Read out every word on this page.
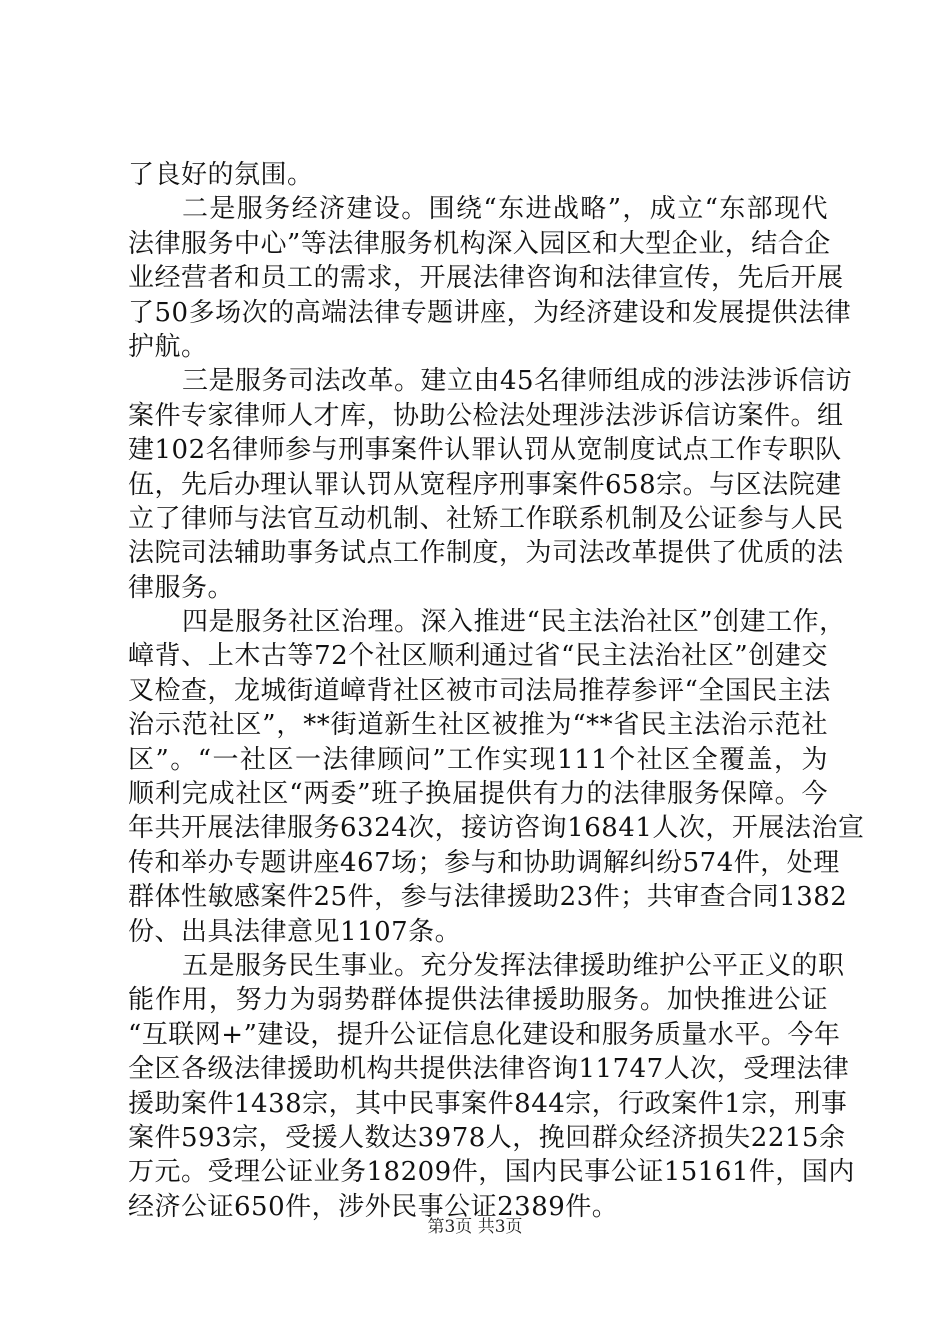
了良好的氛围。
二是服务经济建设。围绕“东进战略”，成立“东部现代
法律服务中心”等法律服务机构深入园区和大型企业，结合企
业经营者和员工的需求，开展法律咨询和法律宣传，先后开展
了50多场次的高端法律专题讲座，为经济建设和发展提供法律
护航。
三是服务司法改革。建立由45名律师组成的涉法涉诉信访
案件专家律师人才库，协助公检法处理涉法涉诉信访案件。组
建102名律师参与刑事案件认罪认罚从宽制度试点工作专职队
伍，先后办理认罪认罚从宽程序刑事案件658宗。与区法院建
立了律师与法官互动机制、社矫工作联系机制及公证参与人民
法院司法辅助事务试点工作制度，为司法改革提供了优质的法
律服务。
四是服务社区治理。深入推进“民主法治社区”创建工作，
嶂背、上木古等72个社区顺利通过省“民主法治社区”创建交
叉检查，龙城街道嶂背社区被市司法局推荐参评“全国民主法
治示范社区”，**街道新生社区被推为“**省民主法治示范社
区”。“一社区一法律顾问”工作实现111个社区全覆盖，为
顺利完成社区“两委”班子换届提供有力的法律服务保障。今
年共开展法律服务6324次，接访咨询16841人次，开展法治宣
传和举办专题讲座467场；参与和协助调解纠纷574件，处理
群体性敏感案件25件，参与法律援助23件；共审查合同1382
份、出具法律意见1107条。
五是服务民生事业。充分发挥法律援助维护公平正义的职
能作用，努力为弱势群体提供法律援助服务。加快推进公证
“互联网+”建设，提升公证信息化建设和服务质量水平。今年
全区各级法律援助机构共提供法律咨询11747人次，受理法律
援助案件1438宗，其中民事案件844宗，行政案件1宗，刑事
案件593宗，受援人数达3978人，挽回群众经济损失2215余
万元。受理公证业务18209件，国内民事公证15161件，国内
经济公证650件，涉外民事公证2389件。
第3页 共3页
